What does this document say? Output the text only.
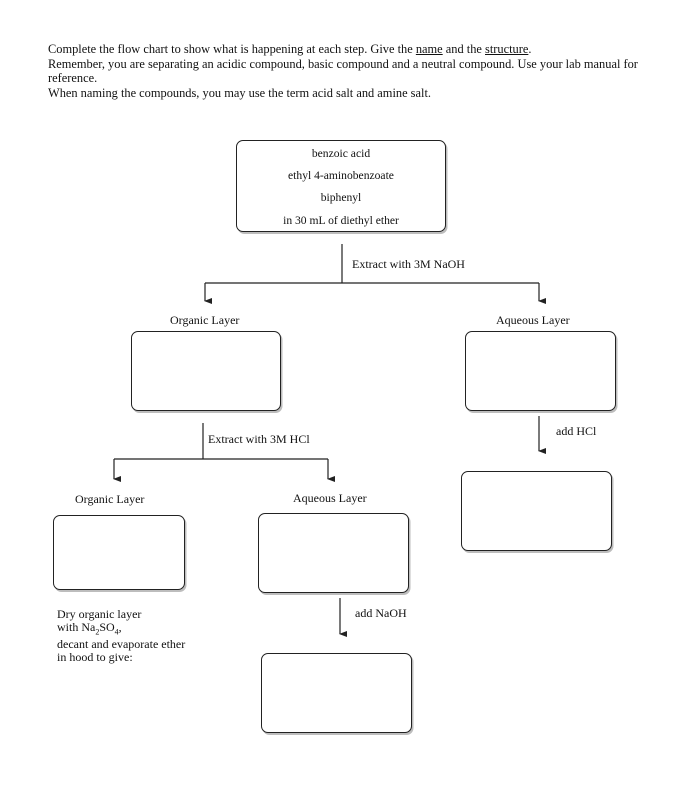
Complete the flow chart to show what is happening at each step. Give the name and the structure.

Remember, you are separating an acidic compound, basic compound and a neutral compound. Use your lab manual for reference.

When naming the compounds, you may use the term acid salt and amine salt.

benzoic acid
ethyl 4-aminobenzoate
biphenyl
in 30 mL of diethyl ether
Extract with 3M NaOH
Organic Layer	Aqueous Layer
Extract with 3M HCl
add HCl
Organic Layer	Aqueous Layer
Dry organic layer
with $Na_2SO_4$,
decant and evaporate ether
in hood to give:
add NaOH
